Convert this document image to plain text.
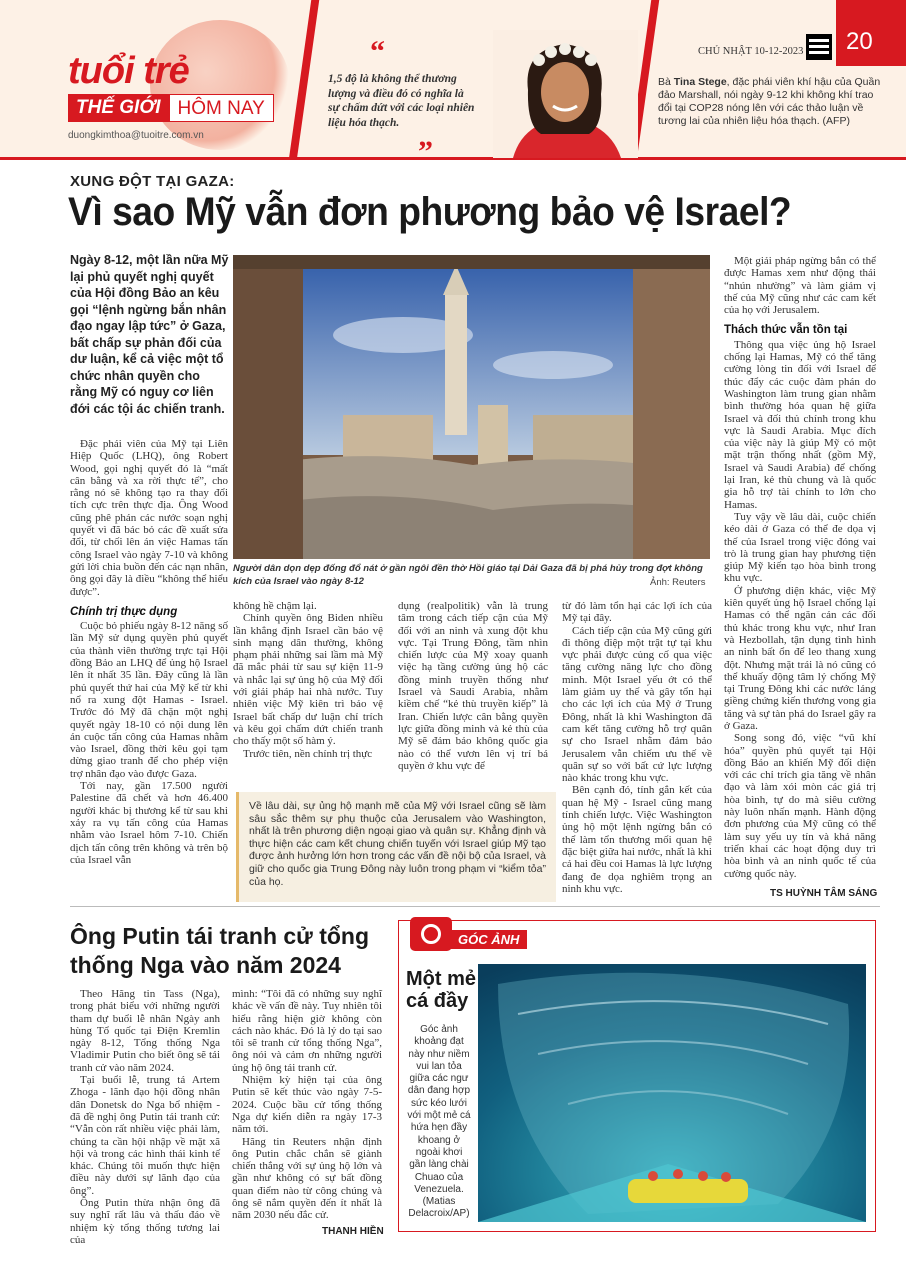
tuổi trẻ
THẾ GIỚI HÔM NAY
duongkimthoa@tuoitre.com.vn
“
1,5 độ là không thể thương lượng và điều đó có nghĩa là sự chấm dứt với các loại nhiên liệu hóa thạch.
”
CHỦ NHẬT 10-12-2023 20
Bà Tina Stege, đặc phái viên khí hậu của Quần đảo Marshall, nói ngày 9-12 khi không khí trao đổi tại COP28 nóng lên với các thảo luận về tương lai của nhiên liệu hóa thạch. (AFP)
XUNG ĐỘT TẠI GAZA:
Vì sao Mỹ vẫn đơn phương bảo vệ Israel?
Ngày 8-12, một lần nữa Mỹ lại phủ quyết nghị quyết của Hội đồng Bảo an kêu gọi “lệnh ngừng bắn nhân đạo ngay lập tức” ở Gaza, bất chấp sự phản đối của dư luận, kể cả việc một tổ chức nhân quyền cho rằng Mỹ có nguy cơ liên đới các tội ác chiến tranh.
Người dân dọn dẹp đống đổ nát ở gần ngôi đền thờ Hồi giáo tại Dải Gaza đã bị phá hủy trong đợt không kích của Israel vào ngày 8-12	Ảnh: Reuters

Đặc phái viên của Mỹ tại Liên Hiệp Quốc (LHQ), ông Robert Wood, gọi nghị quyết đó là “mất cân bằng và xa rời thực tế”, cho rằng nó sẽ không tạo ra thay đổi tích cực trên thực địa. Ông Wood cũng phê phán các nước soạn nghị quyết vì đã bác bỏ các đề xuất sửa đổi, từ chối lên án việc Hamas tấn công Israel vào ngày 7-10 và không gửi lời chia buồn đến các nạn nhân, ông gọi đây là điều “không thể hiểu được”.

Chính trị thực dụng

Cuộc bỏ phiếu ngày 8-12 năng số lần Mỹ sử dụng quyền phủ quyết của thành viên thường trực tại Hội đồng Bảo an LHQ để ủng hộ Israel lên ít nhất 35 lần. Đây cũng là lần phủ quyết thứ hai của Mỹ kể từ khi nổ ra xung đột Hamas - Israel. Trước đó Mỹ đã chặn một nghị quyết ngày 18-10 có nội dung lên án cuộc tấn công của Hamas nhằm vào Israel, đồng thời kêu gọi tạm dừng giao tranh để cho phép viện trợ nhân đạo vào được Gaza.

Tới nay, gần 17.500 người Palestine đã chết và hơn 46.400 người khác bị thương kể từ sau khi xảy ra vụ tấn công của Hamas nhằm vào Israel hôm 7-10. Chiến dịch tấn công trên không và trên bộ của Israel vẫn

không hề chậm lại.

Chính quyền ông Biden nhiều lần khẳng định Israel cần bảo vệ sinh mạng dân thường, không phạm phải những sai lầm mà Mỹ đã mắc phải từ sau sự kiện 11-9 và nhắc lại sự ủng hộ của Mỹ đối với giải pháp hai nhà nước. Tuy nhiên việc Mỹ kiên trì bảo vệ Israel bất chấp dư luận chỉ trích và kêu gọi chấm dứt chiến tranh cho thấy một số hàm ý.

Trước tiên, nền chính trị thực

dụng (realpolitik) vẫn là trung tâm trong cách tiếp cận của Mỹ đối với an ninh và xung đột khu vực. Tại Trung Đông, tầm nhìn chiến lược của Mỹ xoay quanh việc hạ tầng cường ủng hộ các đồng minh truyền thống như Israel và Saudi Arabia, nhằm kiềm chế “kẻ thù truyền kiếp” là Iran. Chiến lược cân bằng quyền lực giữa đồng minh và kẻ thù của Mỹ sẽ đảm bảo không quốc gia nào có thể vươn lên vị trí bá quyền ở khu vực để

từ đó làm tổn hại các lợi ích của Mỹ tại đây.

Cách tiếp cận của Mỹ cũng gửi đi thông điệp một trật tự tại khu vực phải được củng cố qua việc tăng cường năng lực cho đồng minh. Một Israel yếu ớt có thể làm giảm uy thế và gây tổn hại cho các lợi ích của Mỹ ở Trung Đông, nhất là khi Washington đã cam kết tăng cường hỗ trợ quân sự cho Israel nhằm đảm bảo Jerusalem vẫn chiếm ưu thế về quân sự so với bất cứ lực lượng nào khác trong khu vực.

Bên cạnh đó, tính gắn kết của quan hệ Mỹ - Israel cũng mang tính chiến lược. Việc Washington ủng hộ một lệnh ngừng bắn có thể làm tổn thương mối quan hệ đặc biệt giữa hai nước, nhất là khi cả hai đều coi Hamas là lực lượng đang đe dọa nghiêm trọng an ninh khu vực.

Về lâu dài, sự ủng hộ mạnh mẽ của Mỹ với Israel cũng sẽ làm sâu sắc thêm sự phụ thuộc của Jerusalem vào Washington, nhất là trên phương diện ngoại giao và quân sự. Khẳng định và thực hiện các cam kết chung chiến tuyến với Israel giúp Mỹ tạo được ảnh hưởng lớn hơn trong các vấn đề nội bộ của Israel, và giữ cho quốc gia Trung Đông này luôn trong phạm vi “kiểm tỏa” của họ.

Một giải pháp ngừng bắn có thể được Hamas xem như động thái “nhún nhường” và làm giảm vị thế của Mỹ cũng như các cam kết của họ với Jerusalem.

Thách thức vẫn tồn tại

Thông qua việc ủng hộ Israel chống lại Hamas, Mỹ có thể tăng cường lòng tin đối với Israel để thúc đẩy các cuộc đàm phán do Washington làm trung gian nhằm bình thường hóa quan hệ giữa Israel và đối thủ chính trong khu vực là Saudi Arabia. Mục đích của việc này là giúp Mỹ có một mặt trận thống nhất (gồm Mỹ, Israel và Saudi Arabia) để chống lại Iran, kẻ thù chung và là quốc gia hỗ trợ tài chính to lớn cho Hamas.

Tuy vậy về lâu dài, cuộc chiến kéo dài ở Gaza có thể đe dọa vị thế của Israel trong việc đóng vai trò là trung gian hay phương tiện giúp Mỹ kiến tạo hòa bình trong khu vực.

Ở phương diện khác, việc Mỹ kiên quyết ủng hộ Israel chống lại Hamas có thể ngăn cản các đối thủ khác trong khu vực, như Iran và Hezbollah, tận dụng tình hình an ninh bất ổn để leo thang xung đột. Nhưng mặt trái là nó cũng có thể khuấy động tâm lý chống Mỹ tại Trung Đông khi các nước láng giềng chứng kiến thương vong gia tăng và sự tàn phá do Israel gây ra ở Gaza.

Song song đó, việc “vũ khí hóa” quyền phủ quyết tại Hội đồng Bảo an khiến Mỹ đối diện với các chỉ trích gia tăng về nhân đạo và làm xói mòn các giá trị hòa bình, tự do mà siêu cường này luôn nhấn mạnh. Hành động đơn phương của Mỹ cũng có thể làm suy yếu uy tín và khả năng triển khai các hoạt động duy trì hòa bình và an ninh quốc tế của cường quốc này.

TS HUỲNH TÂM SÁNG
Ông Putin tái tranh cử tổng thống Nga vào năm 2024

Theo Hãng tin Tass (Nga), trong phát biểu với những người tham dự buổi lễ nhân Ngày anh hùng Tổ quốc tại Điện Kremlin ngày 8-12, Tổng thống Nga Vladimir Putin cho biết ông sẽ tái tranh cử vào năm 2024.

Tại buổi lễ, trung tá Artem Zhoga - lãnh đạo hội đồng nhân dân Donetsk do Nga bổ nhiệm - đã đề nghị ông Putin tái tranh cử: “Vẫn còn rất nhiều việc phải làm, chúng ta cần hội nhập về mặt xã hội và trong các hình thái kinh tế khác. Chúng tôi muốn thực hiện điều này dưới sự lãnh đạo của ông”.

Ông Putin thừa nhận ông đã suy nghĩ rất lâu và thấu đáo về nhiệm kỳ tổng thống tương lai của

mình: “Tôi đã có những suy nghĩ khác về vấn đề này. Tuy nhiên tôi hiểu rằng hiện giờ không còn cách nào khác. Đó là lý do tại sao tôi sẽ tranh cử tổng thống Nga”, ông nói và cảm ơn những người ủng hộ ông tái tranh cử.

Nhiệm kỳ hiện tại của ông Putin sẽ kết thúc vào ngày 7-5-2024. Cuộc bầu cử tổng thống Nga dự kiến diễn ra ngày 17-3 năm tới.

Hãng tin Reuters nhận định ông Putin chắc chắn sẽ giành chiến thắng với sự ủng hộ lớn và gần như không có sự bất đồng quan điểm nào từ công chúng và ông sẽ nắm quyền đến ít nhất là năm 2030 nếu đắc cử.

THANH HIỀN
GÓC ẢNH
Một mẻ cá đầy
Góc ảnh khoảng đạt này như niềm vui lan tỏa giữa các ngư dân đang hợp sức kéo lưới với một mẻ cá hứa hẹn đầy khoang ở ngoài khơi gần làng chài Chuao của Venezuela. (Matias Delacroix/AP)
